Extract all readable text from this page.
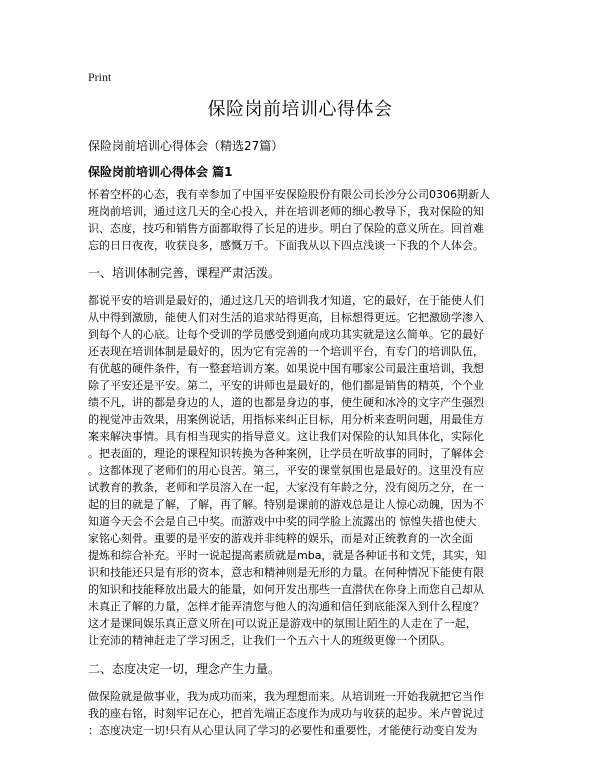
Print
保险岗前培训心得体会
保险岗前培训心得体会（精选27篇）
保险岗前培训心得体会 篇1
怀着空杯的心态，我有幸参加了中国平安保险股份有限公司长沙分公司0306期新人
班岗前培训，通过这几天的全心投入，并在培训老师的细心教导下，我对保险的知
识、态度，技巧和销售方面都取得了长足的进步。明白了保险的意义所在。回首难
忘的日日夜夜，收获良多，感慨万千。下面我从以下四点浅谈一下我的个人体会。
一、培训体制完善，课程严肃活泼。
都说平安的培训是最好的，通过这几天的培训我才知道，它的最好，在于能使人们
从中得到激励，能使人们对生活的追求站得更高，目标想得更远。它把激励学渗入
到每个人的心底。让每个受训的学员感受到通向成功其实就是这么简单。它的最好
还表现在培训体制是最好的，因为它有完善的一个培训平台，有专门的培训队伍，
有优越的硬件条件，有一整套培训方案。如果说中国有哪家公司最注重培训，我想
除了平安还是平安。第二，平安的讲师也是最好的，他们都是销售的精英，个个业
绩不凡，讲的都是身边的人，道的也都是身边的事，使生硬和冰冷的文字产生强烈
的视觉冲击效果，用案例说话，用指标来纠正目标，用分析来查明问题，用最佳方
案来解决事情。具有相当现实的指导意义。这让我们对保险的认知具体化，实际化
。把表面的，理论的课程知识转换为各种案例，让学员在听故事的同时，了解体会
。这都体现了老师们的用心良苦。第三，平安的课堂氛围也是最好的。这里没有应
试教育的教条，老师和学员溶入在一起，大家没有年龄之分，没有阅历之分，在一
起的目的就是了解，了解，再了解。特别是课前的游戏总是让人惊心动魄，因为不
知道今天会不会是自己中奖。而游戏中中奖的同学脸上流露出的 惊惶失措也使大
家铭心刻骨。重要的是平安的游戏并非纯粹的娱乐，而是对正统教育的一次全面
提炼和综合补充。平时一说起提高素质就是mba，就是各种证书和文凭，其实，知
识和技能还只是有形的资本，意志和精神则是无形的力量。在何种情况下能使有限
的知识和技能释放出最大的能量，如何开发出那些一直潜伏在你身上而您自己却从
未真正了解的力量，怎样才能弄清您与他人的沟通和信任到底能深入到什么程度？
这才是课间娱乐真正意义所在|可以说正是游戏中的氛围让陌生的人走在了一起，
让充沛的精神赶走了学习困乏，让我们一个五六十人的班级更像一个团队。
二、态度决定一切，理念产生力量。
做保险就是做事业，我为成功而来，我为理想而来。从培训班一开始我就把它当作
我的座右铭，时刻牢记在心，把首先端正态度作为成功与收获的起步。米卢曾说过
：态度决定一切!只有从心里认同了学习的必要性和重要性，才能使行动变自发为
